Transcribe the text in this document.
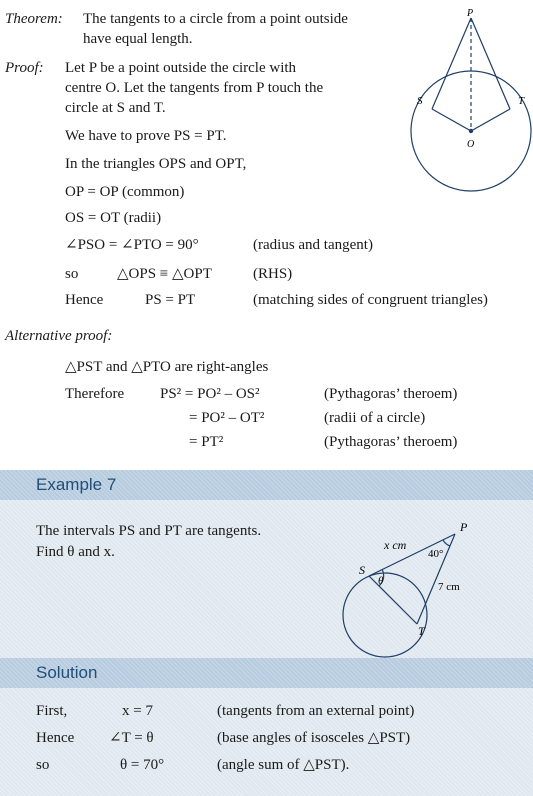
Theorem: The tangents to a circle from a point outside
have equal length.
Proof: Let P be a point outside the circle with
centre O. Let the tangents from P touch the
circle at S and T.
We have to prove PS = PT.
In the triangles OPS and OPT,
OP = OP (common)
OS = OT (radii)
∠PSO = ∠PTO = 90°	(radius and tangent)
so	△OPS ≡ △OPT	(RHS)
Hence	PS = PT	(matching sides of congruent triangles)
P
S	T
O
Alternative proof:
△PST and △PTO are right-angles
Therefore PS² = PO² – OS²	(Pythagoras’ theroem)
= PO² – OT²	(radii of a circle)
= PT²	(Pythagoras’ theroem)
Example 7
The intervals PS and PT are tangents.
Find θ and x.	x cm
40°
7 cm
P
S
T
θ
Solution
First,	x = 7	(tangents from an external point)
Hence ∠T = θ	(base angles of isosceles △PST)
so	θ = 70°	(angle sum of △PST).
